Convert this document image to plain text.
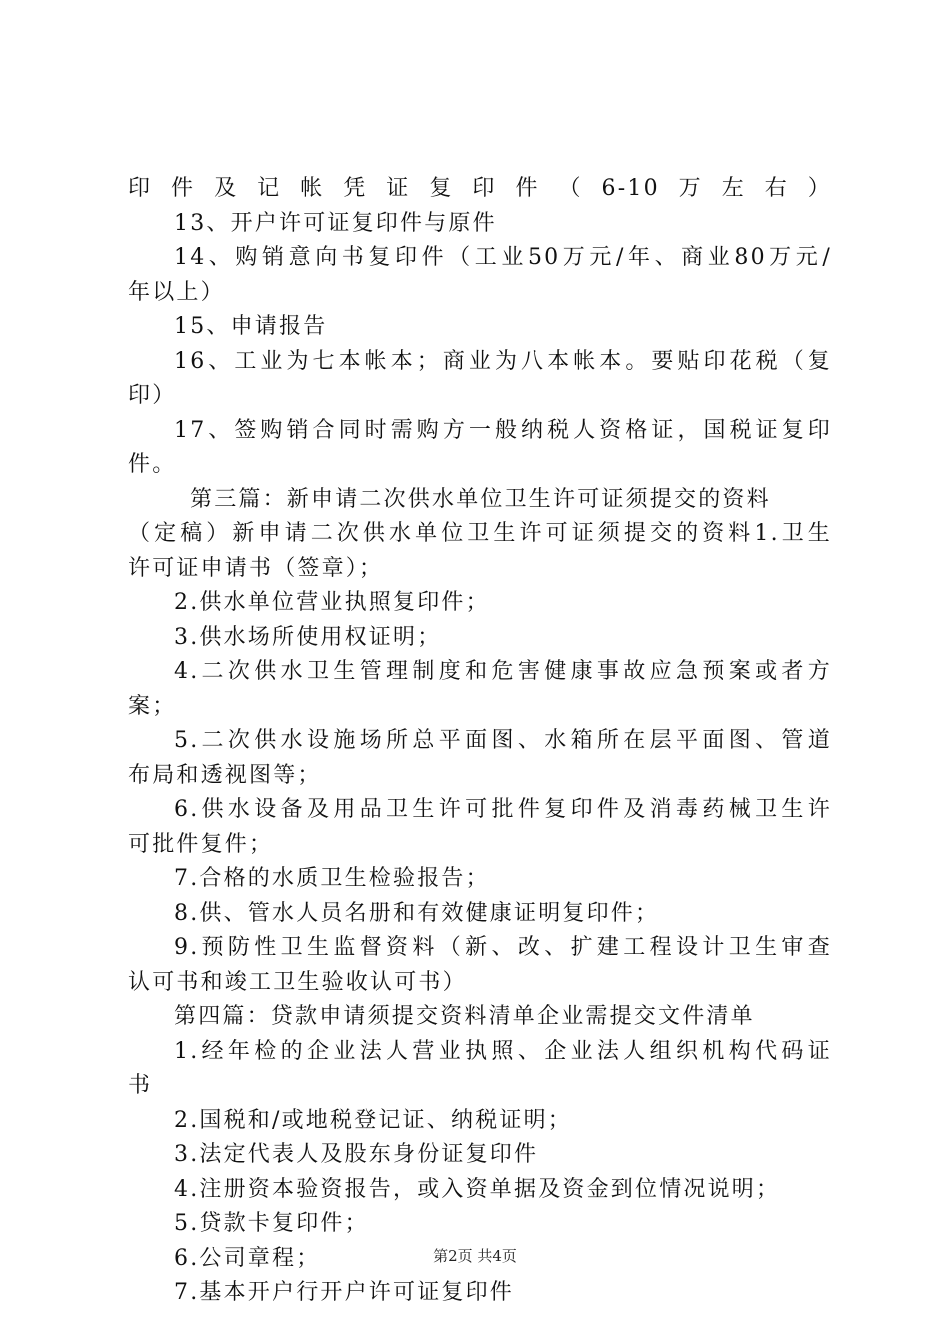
印件及记帐凭证复印件（6-10万左右）
13、开户许可证复印件与原件
14、购销意向书复印件（工业50万元/年、商业80万元/
年以上）
15、申请报告
16、工业为七本帐本；商业为八本帐本。要贴印花税（复
印）
17、签购销合同时需购方一般纳税人资格证，国税证复印
件。
第三篇：新申请二次供水单位卫生许可证须提交的资料
（定稿）新申请二次供水单位卫生许可证须提交的资料1.卫生
许可证申请书（签章）；
2.供水单位营业执照复印件；
3.供水场所使用权证明；
4.二次供水卫生管理制度和危害健康事故应急预案或者方
案；
5.二次供水设施场所总平面图、水箱所在层平面图、管道
布局和透视图等；
6.供水设备及用品卫生许可批件复印件及消毒药械卫生许
可批件复件；
7.合格的水质卫生检验报告；
8.供、管水人员名册和有效健康证明复印件；
9.预防性卫生监督资料（新、改、扩建工程设计卫生审查
认可书和竣工卫生验收认可书）
第四篇：贷款申请须提交资料清单企业需提交文件清单
1.经年检的企业法人营业执照、企业法人组织机构代码证
书
2.国税和/或地税登记证、纳税证明；
3.法定代表人及股东身份证复印件
4.注册资本验资报告，或入资单据及资金到位情况说明；
5.贷款卡复印件；
6.公司章程；
7.基本开户行开户许可证复印件
第2页 共4页
